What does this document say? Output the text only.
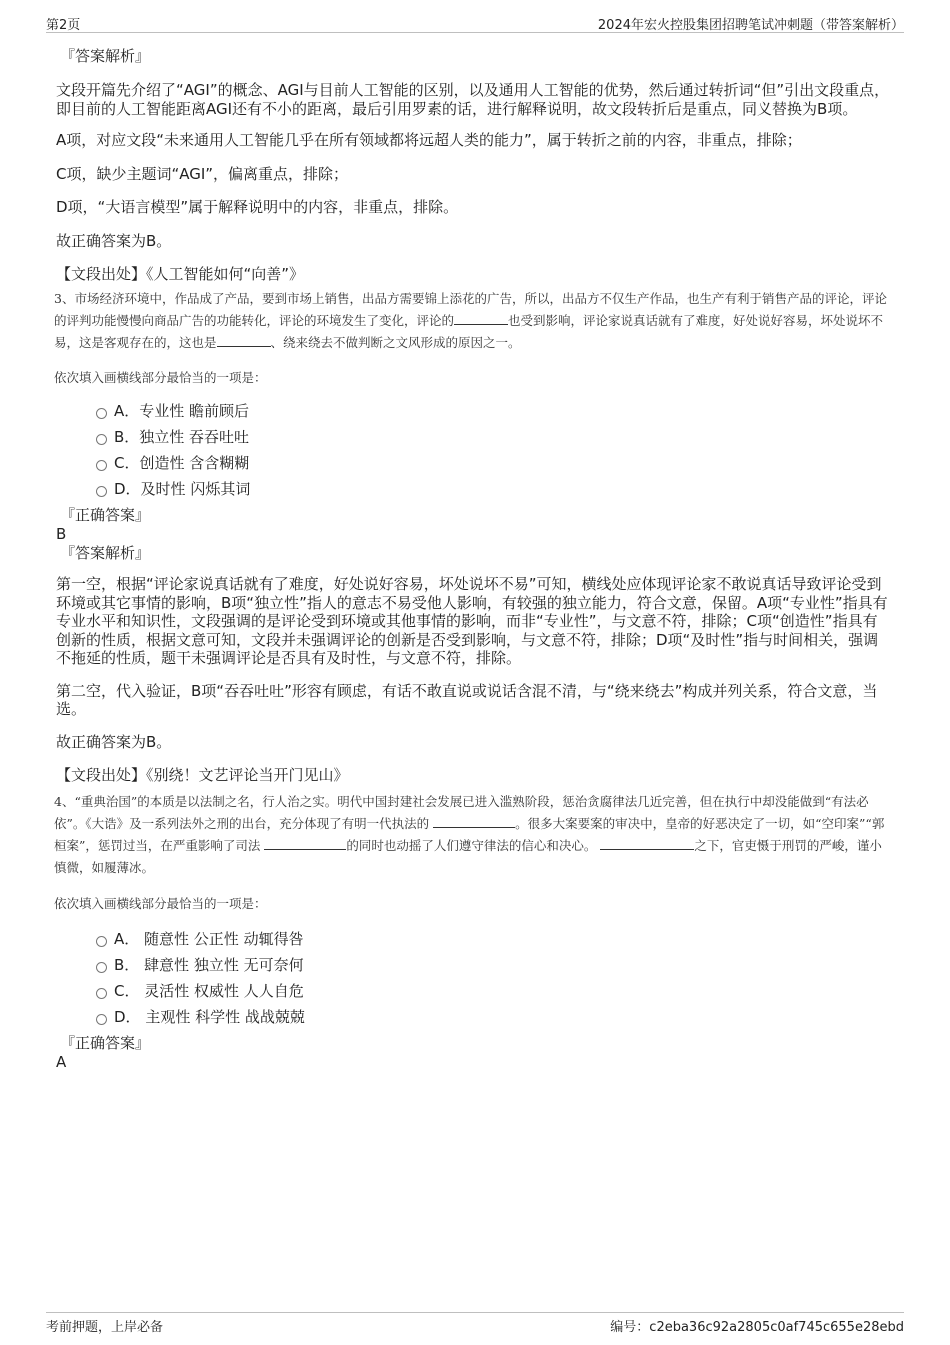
第2页	2024年宏火控股集团招聘笔试冲刺题（带答案解析）

『答案解析』

文段开篇先介绍了“AGI”的概念、AGI与目前人工智能的区别，以及通用人工智能的优势，然后通过转折词“但”引出文段重点，即目前的人工智能距离AGI还有不小的距离，最后引用罗素的话，进行解释说明，故文段转折后是重点，同义替换为B项。

A项，对应文段“未来通用人工智能几乎在所有领域都将远超人类的能力”，属于转折之前的内容，非重点，排除；

C项，缺少主题词“AGI”，偏离重点，排除；

D项，“大语言模型”属于解释说明中的内容，非重点，排除。

故正确答案为B。

【文段出处】《人工智能如何“向善”》

3、市场经济环境中，作品成了产品，要到市场上销售，出品方需要锦上添花的广告，所以，出品方不仅生产作品，也生产有利于销售产品的评论，评论的评判功能慢慢向商品广告的功能转化，评论的环境发生了变化，评论的	也受到影响，评论家说真话就有了难度，好处说好容易，坏处说坏不易，这是客观存在的，这也是	、绕来绕去不做判断之文风形成的原因之一。

依次填入画横线部分最恰当的一项是：

A．专业性 瞻前顾后
B．独立性 吞吞吐吐
C．创造性 含含糊糊
D．及时性 闪烁其词

『正确答案』

B

『答案解析』

第一空，根据“评论家说真话就有了难度，好处说好容易，坏处说坏不易”可知，横线处应体现评论家不敢说真话导致评论受到环境或其它事情的影响，B项“独立性”指人的意志不易受他人影响，有较强的独立能力，符合文意，保留。A项“专业性”指具有专业水平和知识性，文段强调的是评论受到环境或其他事情的影响，而非“专业性”，与文意不符，排除；C项“创造性”指具有创新的性质，根据文意可知，文段并未强调评论的创新是否受到影响，与文意不符，排除；D项“及时性”指与时间相关，强调不拖延的性质，题干未强调评论是否具有及时性，与文意不符，排除。

第二空，代入验证，B项“吞吞吐吐”形容有顾虑，有话不敢直说或说话含混不清，与“绕来绕去”构成并列关系，符合文意，当选。

故正确答案为B。

【文段出处】《别绕！文艺评论当开门见山》

4、“重典治国”的本质是以法制之名，行人治之实。明代中国封建社会发展已进入滥熟阶段，惩治贪腐律法几近完善，但在执行中却没能做到“有法必依”。《大诰》及一系列法外之刑的出台，充分体现了有明一代执法的	。很多大案要案的审决中，皇帝的好恶决定了一切，如“空印案”“郭桓案”，惩罚过当，在严重影响了司法	的同时也动摇了人们遵守律法的信心和决心。	之下，官吏慑于刑罚的严峻，谨小慎微，如履薄冰。

依次填入画横线部分最恰当的一项是：

A． 随意性 公正性 动辄得咎
B． 肆意性 独立性 无可奈何
C． 灵活性 权威性 人人自危
D． 主观性 科学性 战战兢兢

『正确答案』

A

考前押题，上岸必备	编号：c2eba36c92a2805c0af745c655e28ebd
